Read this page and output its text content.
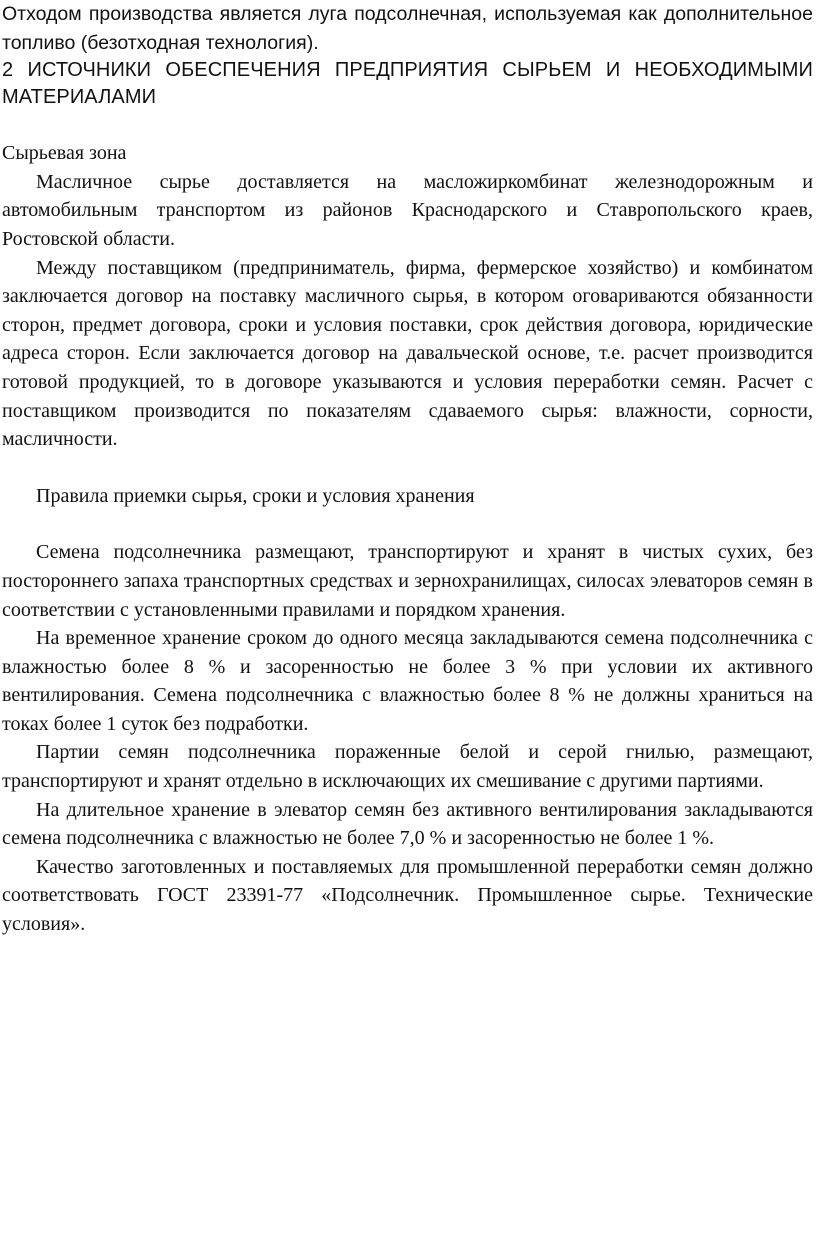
Отходом производства является луга подсолнечная, используемая как дополнительное топливо (безотходная технология).

2 ИСТОЧНИКИ ОБЕСПЕЧЕНИЯ ПРЕДПРИЯТИЯ СЫРЬЕМ И НЕОБХОДИМЫМИ МАТЕРИАЛАМИ

Сырьевая зона

Масличное сырье доставляется на масложиркомбинат железнодорожным и автомобильным транспортом из районов Краснодарского и Ставропольского краев, Ростовской области.

Между поставщиком (предприниматель, фирма, фермерское хозяйство) и комбинатом заключается договор на поставку масличного сырья, в котором оговариваются обязанности сторон, предмет договора, сроки и условия поставки, срок действия договора, юридические адреса сторон. Если заключается договор на давальческой основе, т.е. расчет производится готовой продукцией, то в договоре указываются и условия переработки семян. Расчет с поставщиком производится по показателям сдаваемого сырья: влажности, сорности, масличности.

Правила приемки сырья, сроки и условия хранения

Семена подсолнечника размещают, транспортируют и хранят в чистых сухих, без постороннего запаха транспортных средствах и зернохранилищах, силосах элеваторов семян в соответствии с установленными правилами и порядком хранения.

На временное хранение сроком до одного месяца закладываются семена подсолнечника с влажностью более 8 % и засоренностью не более 3 % при условии их активного вентилирования. Семена подсолнечника с влажностью более 8 % не должны храниться на токах более 1 суток без подработки.

Партии семян подсолнечника пораженные белой и серой гнилью, размещают, транспортируют и хранят отдельно в исключающих их смешивание с другими партиями.

На длительное хранение в элеватор семян без активного вентилирования закладываются семена подсолнечника с влажностью не более 7,0 % и засоренностью не более 1 %.

Качество заготовленных и поставляемых для промышленной переработки семян должно соответствовать ГОСТ 23391-77 «Подсолнечник. Промышленное сырье. Технические условия».
